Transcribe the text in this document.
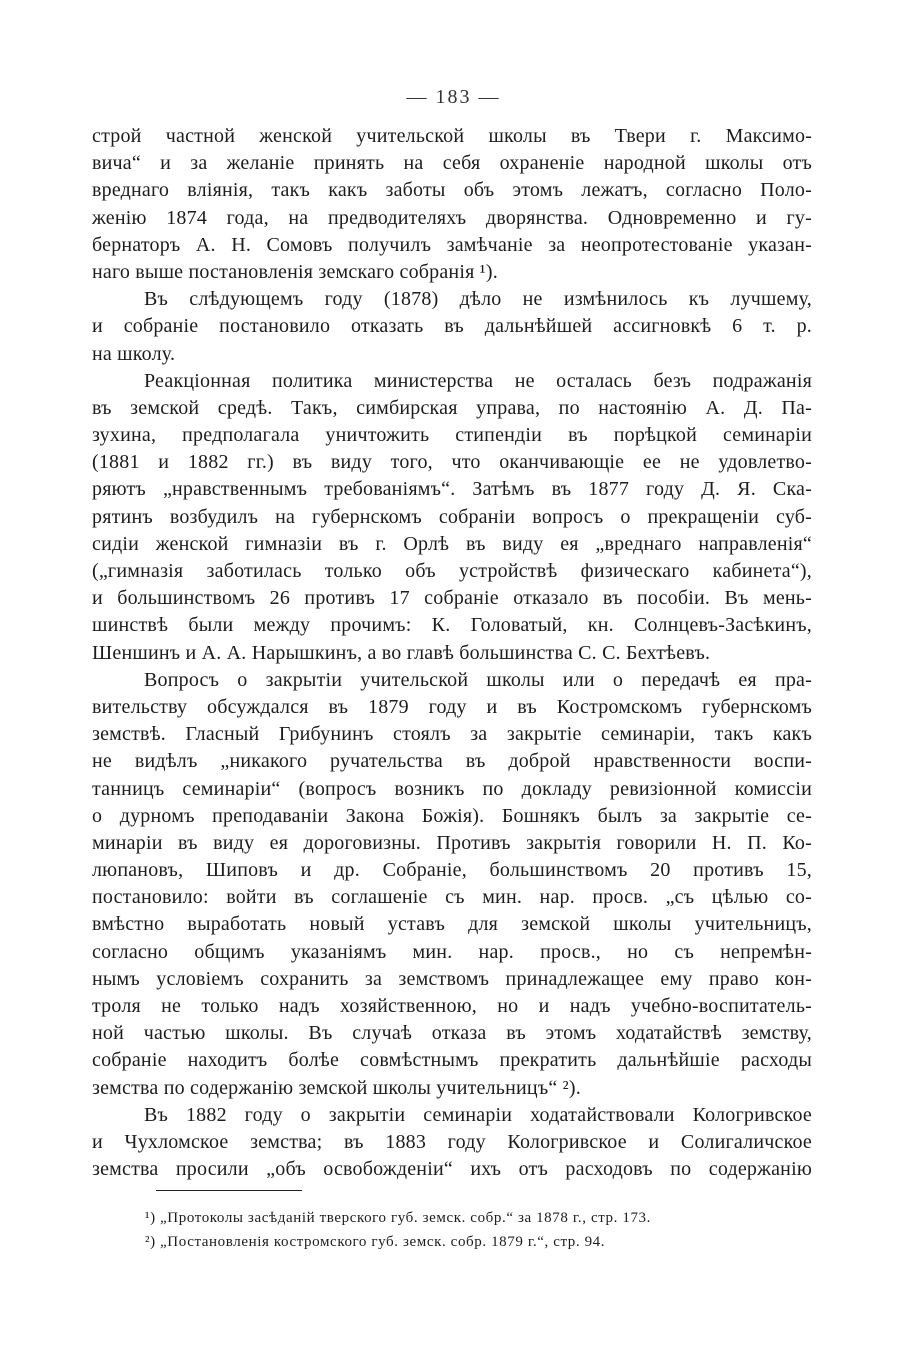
— 183 —
строй частной женской учительской школы въ Твери г. Максимо-
вича“ и за желаніе принять на себя охраненіе народной школы отъ
вреднаго вліянія, такъ какъ заботы объ этомъ лежатъ, согласно Поло-
женію 1874 года, на предводителяхъ дворянства. Одновременно и гу-
бернаторъ А. Н. Сомовъ получилъ замѣчаніе за неопротестованіе указан-
наго выше постановленія земскаго собранія ¹).
Въ слѣдующемъ году (1878) дѣло не измѣнилось къ лучшему,
и собраніе постановило отказать въ дальнѣйшей ассигновкѣ 6 т. р.
на школу.
Реакціонная политика министерства не осталась безъ подражанія
въ земской средѣ. Такъ, симбирская управа, по настоянію А. Д. Па-
зухина, предполагала уничтожить стипендіи въ порѣцкой семинаріи
(1881 и 1882 гг.) въ виду того, что оканчивающіе ее не удовлетво-
ряютъ „нравственнымъ требованіямъ“. Затѣмъ въ 1877 году Д. Я. Ска-
рятинъ возбудилъ на губернскомъ собраніи вопросъ о прекращеніи суб-
сидіи женской гимназіи въ г. Орлѣ въ виду ея „вреднаго направленія“
(„гимназія заботилась только объ устройствѣ физическаго кабинета“),
и большинствомъ 26 противъ 17 собраніе отказало въ пособіи. Въ мень-
шинствѣ были между прочимъ: К. Головатый, кн. Солнцевъ-Засѣкинъ,
Шеншинъ и А. А. Нарышкинъ, а во главѣ большинства С. С. Бехтѣевъ.
Вопросъ о закрытіи учительской школы или о передачѣ ея пра-
вительству обсуждался въ 1879 году и въ Костромскомъ губернскомъ
земствѣ. Гласный Грибунинъ стоялъ за закрытіе семинаріи, такъ какъ
не видѣлъ „никакого ручательства въ доброй нравственности воспи-
танницъ семинаріи“ (вопросъ возникъ по докладу ревизіонной комиссіи
о дурномъ преподаваніи Закона Божія). Бошнякъ былъ за закрытіе се-
минаріи въ виду ея дороговизны. Противъ закрытія говорили Н. П. Ко-
люпановъ, Шиповъ и др. Собраніе, большинствомъ 20 противъ 15,
постановило: войти въ соглашеніе съ мин. нар. просв. „съ цѣлью со-
вмѣстно выработать новый уставъ для земской школы учительницъ,
согласно общимъ указаніямъ мин. нар. просв., но съ непремѣн-
нымъ условіемъ сохранить за земствомъ принадлежащее ему право кон-
троля не только надъ хозяйственною, но и надъ учебно-воспитатель-
ной частью школы. Въ случаѣ отказа въ этомъ ходатайствѣ земству,
собраніе находитъ болѣе совмѣстнымъ прекратить дальнѣйшіе расходы
земства по содержанію земской школы учительницъ“ ²).
Въ 1882 году о закрытіи семинаріи ходатайствовали Кологривское
и Чухломское земства; въ 1883 году Кологривское и Солигаличское
земства просили „объ освобожденіи“ ихъ отъ расходовъ по содержанію
¹) „Протоколы засѣданій тверского губ. земск. собр.“ за 1878 г., стр. 173.
²) „Постановленія костромского губ. земск. собр. 1879 г.“, стр. 94.
